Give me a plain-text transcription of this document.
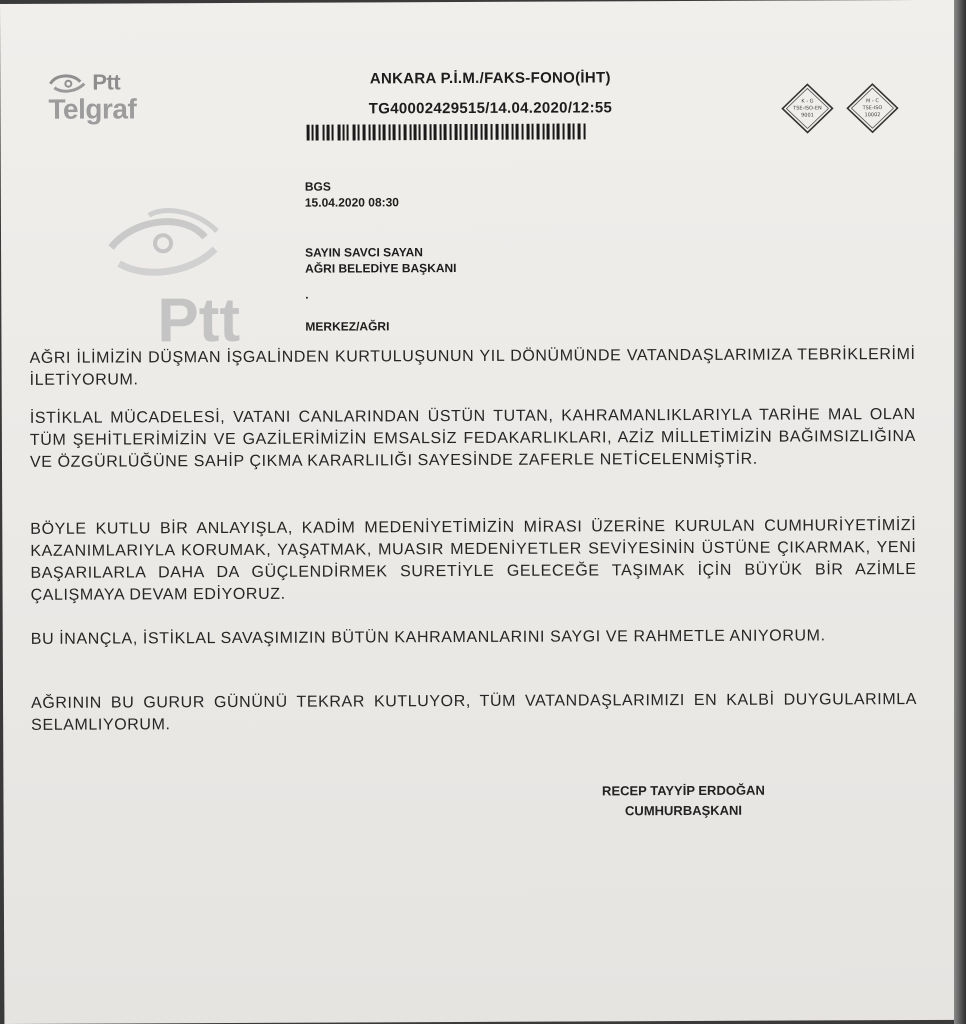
Ptt
Telgraf
ANKARA P.İ.M./FAKS-FONO(İHT)
TG40002429515/14.04.2020/12:55	K - G
TSE-ISO-EN
9001
M - C
TSE-ISO
10002
Ptt
BGS
15.04.2020 08:30
SAYIN SAVCI SAYAN
AĞRI BELEDİYE BAŞKANI
.
MERKEZ/AĞRI
AĞRI İLİMİZİN DÜŞMAN İŞGALİNDEN KURTULUŞUNUN YIL DÖNÜMÜNDE VATANDAŞLARIMIZA TEBRİKLERİMİ İLETİYORUM.
İSTİKLAL MÜCADELESİ, VATANI CANLARINDAN ÜSTÜN TUTAN, KAHRAMANLIKLARIYLA TARİHE MAL OLAN TÜM ŞEHİTLERİMİZİN VE GAZİLERİMİZİN EMSALSİZ FEDAKARLIKLARI, AZİZ MİLLETİMİZİN BAĞIMSIZLIĞINA VE ÖZGÜRLÜĞÜNE SAHİP ÇIKMA KARARLILIĞI SAYESİNDE ZAFERLE NETİCELENMİŞTİR.
BÖYLE KUTLU BİR ANLAYIŞLA, KADİM MEDENİYETİMİZİN MİRASI ÜZERİNE KURULAN CUMHURİYETİMİZİ KAZANIMLARIYLA KORUMAK, YAŞATMAK, MUASIR MEDENİYETLER SEVİYESİNİN ÜSTÜNE ÇIKARMAK, YENİ BAŞARILARLA DAHA DA GÜÇLENDİRMEK SURETİYLE GELECEĞE TAŞIMAK İÇİN BÜYÜK BİR AZİMLE ÇALIŞMAYA DEVAM EDİYORUZ.
BU İNANÇLA, İSTİKLAL SAVAŞIMIZIN BÜTÜN KAHRAMANLARINI SAYGI VE RAHMETLE ANIYORUM.
AĞRININ BU GURUR GÜNÜNÜ TEKRAR KUTLUYOR, TÜM VATANDAŞLARIMIZI EN KALBİ DUYGULARIMLA SELAMLIYORUM.
RECEP TAYYİP ERDOĞAN
CUMHURBAŞKANI
